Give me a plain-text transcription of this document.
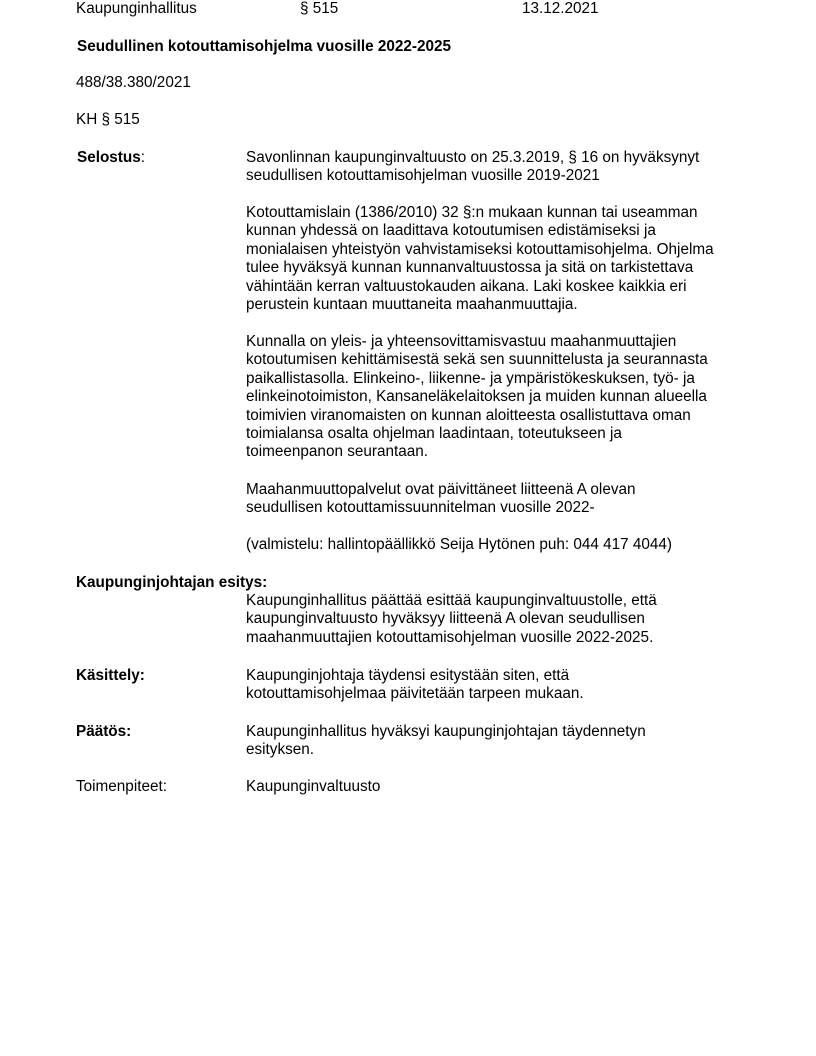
Kaupunginhallitus	§ 515	13.12.2021
Seudullinen kotouttamisohjelma vuosille 2022-2025
488/38.380/2021
KH § 515
Selostus:	Savonlinnan kaupunginvaltuusto on 25.3.2019, § 16 on hyväksynyt
seudullisen kotouttamisohjelman vuosille 2019-2021
Kotouttamislain (1386/2010) 32 §:n mukaan kunnan tai useamman
kunnan yhdessä on laadittava kotoutumisen edistämiseksi ja
monialaisen yhteistyön vahvistamiseksi kotouttamisohjelma. Ohjelma
tulee hyväksyä kunnan kunnanvaltuustossa ja sitä on tarkistettava
vähintään kerran valtuustokauden aikana. Laki koskee kaikkia eri
perustein kuntaan muuttaneita maahanmuuttajia.
Kunnalla on yleis- ja yhteensovittamisvastuu maahanmuuttajien
kotoutumisen kehittämisestä sekä sen suunnittelusta ja seurannasta
paikallistasolla. Elinkeino-, liikenne- ja ympäristökeskuksen, työ- ja
elinkeinotoimiston, Kansaneläkelaitoksen ja muiden kunnan alueella
toimivien viranomaisten on kunnan aloitteesta osallistuttava oman
toimialansa osalta ohjelman laadintaan, toteutukseen ja
toimeenpanon seurantaan.
Maahanmuuttopalvelut ovat päivittäneet liitteenä A olevan
seudullisen kotouttamissuunnitelman vuosille 2022-
(valmistelu: hallintopäällikkö Seija Hytönen puh: 044 417 4044)
Kaupunginjohtajan esitys:
Kaupunginhallitus päättää esittää kaupunginvaltuustolle, että
kaupunginvaltuusto hyväksyy liitteenä A olevan seudullisen
maahanmuuttajien kotouttamisohjelman vuosille 2022-2025.
Käsittely:	Kaupunginjohtaja täydensi esitystään siten, että
kotouttamisohjelmaa päivitetään tarpeen mukaan.
Päätös:	Kaupunginhallitus hyväksyi kaupunginjohtajan täydennetyn
esityksen.
Toimenpiteet:	Kaupunginvaltuusto
